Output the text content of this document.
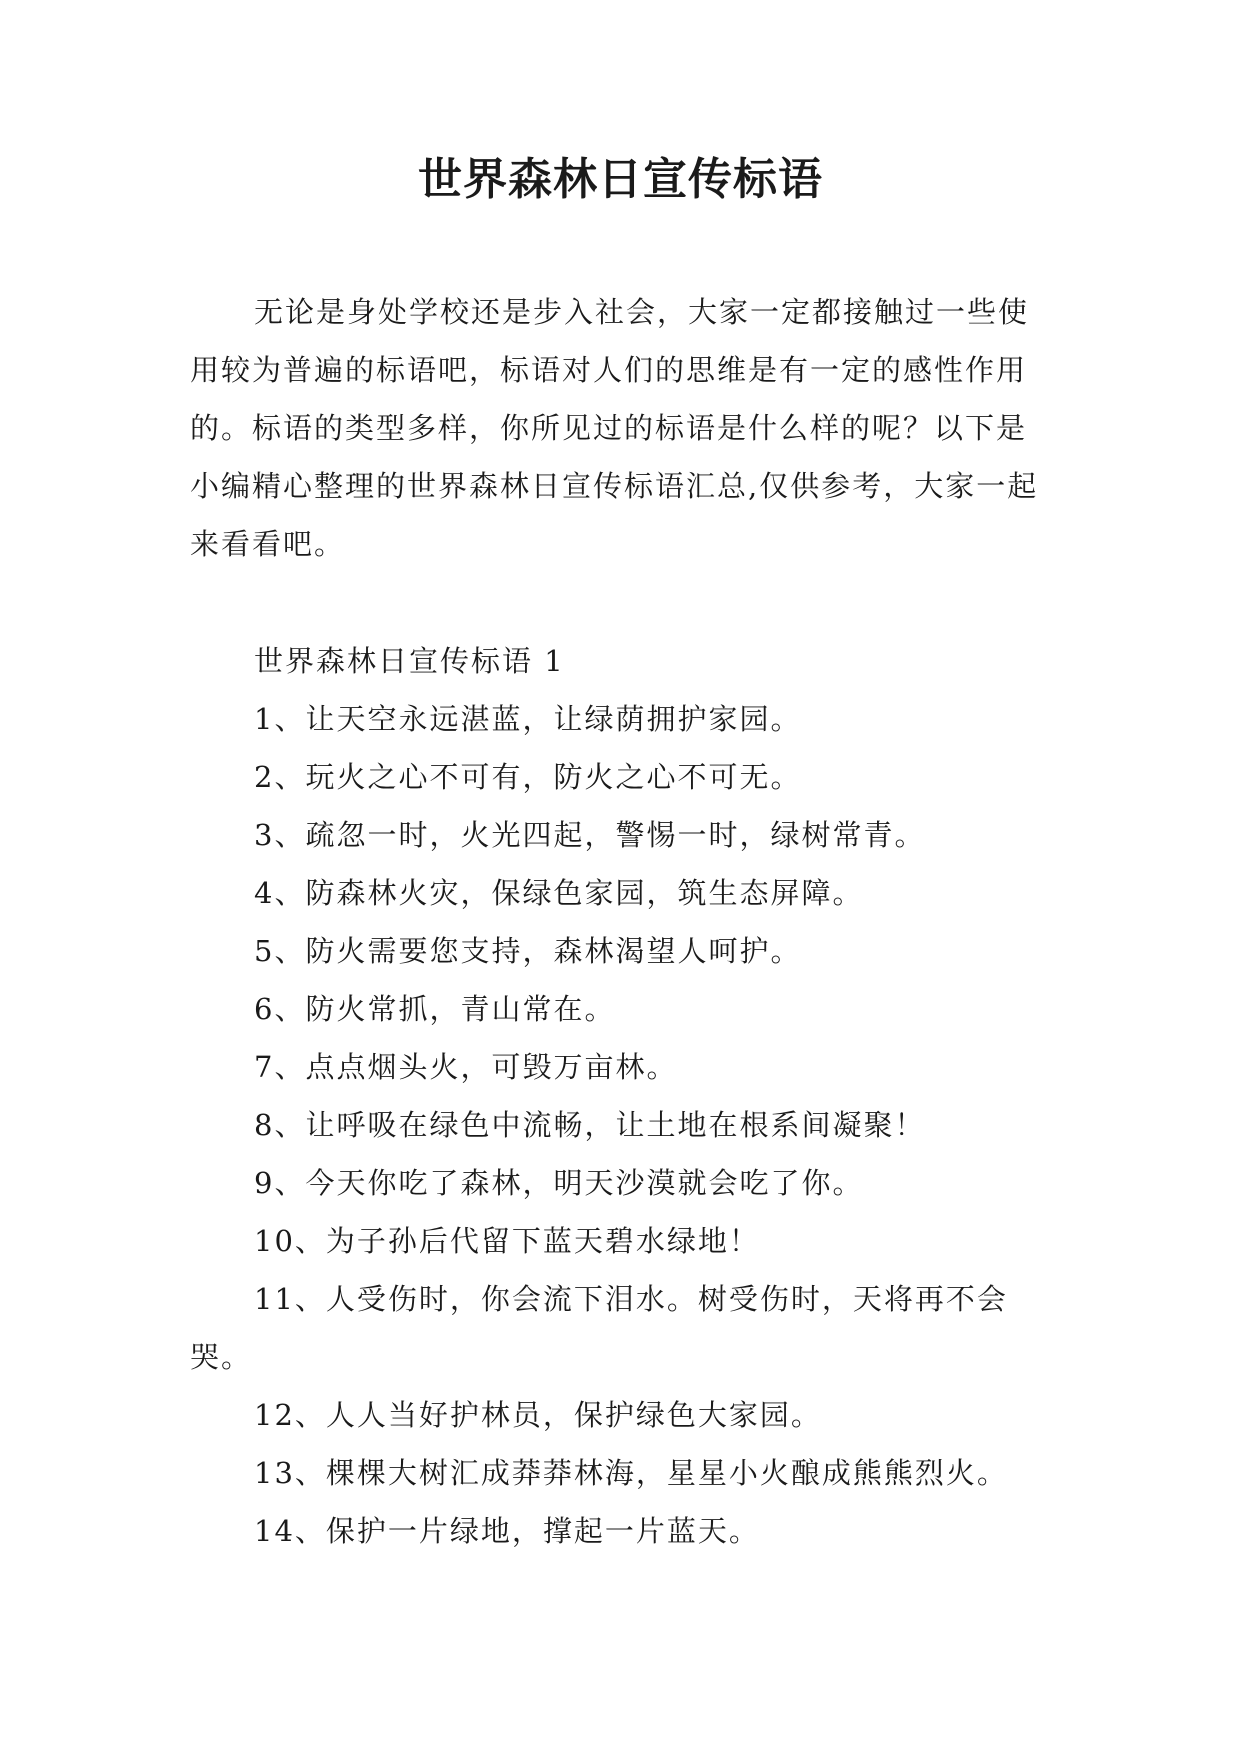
世界森林日宣传标语

无论是身处学校还是步入社会，大家一定都接触过一些使用较为普遍的标语吧，标语对人们的思维是有一定的感性作用的。标语的类型多样，你所见过的标语是什么样的呢？以下是小编精心整理的世界森林日宣传标语汇总,仅供参考，大家一起来看看吧。

世界森林日宣传标语 1

1、让天空永远湛蓝，让绿荫拥护家园。
2、玩火之心不可有，防火之心不可无。
3、疏忽一时，火光四起，警惕一时，绿树常青。
4、防森林火灾，保绿色家园，筑生态屏障。
5、防火需要您支持，森林渴望人呵护。
6、防火常抓，青山常在。
7、点点烟头火，可毁万亩林。
8、让呼吸在绿色中流畅，让土地在根系间凝聚！
9、今天你吃了森林，明天沙漠就会吃了你。
10、为子孙后代留下蓝天碧水绿地！
11、人受伤时，你会流下泪水。树受伤时，天将再不会哭。
12、人人当好护林员，保护绿色大家园。
13、棵棵大树汇成莽莽林海，星星小火酿成熊熊烈火。
14、保护一片绿地，撑起一片蓝天。
